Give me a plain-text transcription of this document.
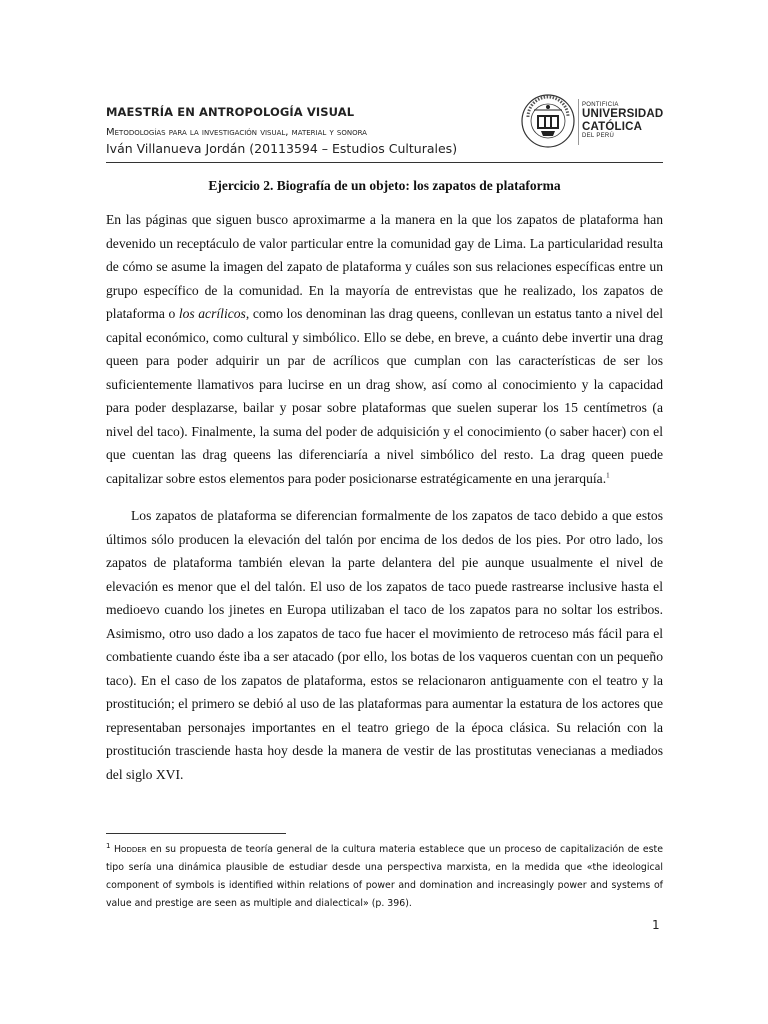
MAESTRÍA EN ANTROPOLOGÍA VISUAL
Metodologías para la investigación visual, material y sonora
Iván Villanueva Jordán (20113594 – Estudios Culturales)
PONTIFICIA
UNIVERSIDAD
CATÓLICA
DEL PERÚ
Ejercicio 2. Biografía de un objeto: los zapatos de plataforma

En las páginas que siguen busco aproximarme a la manera en la que los zapatos de plataforma han devenido un receptáculo de valor particular entre la comunidad gay de Lima. La particularidad resulta de cómo se asume la imagen del zapato de plataforma y cuáles son sus relaciones específicas entre un grupo específico de la comunidad. En la mayoría de entrevistas que he realizado, los zapatos de plataforma o los acrílicos, como los denominan las drag queens, conllevan un estatus tanto a nivel del capital económico, como cultural y simbólico. Ello se debe, en breve, a cuánto debe invertir una drag queen para poder adquirir un par de acrílicos que cumplan con las características de ser los suficientemente llamativos para lucirse en un drag show, así como al conocimiento y la capacidad para poder desplazarse, bailar y posar sobre plataformas que suelen superar los 15 centímetros (a nivel del taco). Finalmente, la suma del poder de adquisición y el conocimiento (o saber hacer) con el que cuentan las drag queens las diferenciaría a nivel simbólico del resto. La drag queen puede capitalizar sobre estos elementos para poder posicionarse estratégicamente en una jerarquía.$^1$

Los zapatos de plataforma se diferencian formalmente de los zapatos de taco debido a que estos últimos sólo producen la elevación del talón por encima de los dedos de los pies. Por otro lado, los zapatos de plataforma también elevan la parte delantera del pie aunque usualmente el nivel de elevación es menor que el del talón. El uso de los zapatos de taco puede rastrearse inclusive hasta el medioevo cuando los jinetes en Europa utilizaban el taco de los zapatos para no soltar los estribos. Asimismo, otro uso dado a los zapatos de taco fue hacer el movimiento de retroceso más fácil para el combatiente cuando éste iba a ser atacado (por ello, los botas de los vaqueros cuentan con un pequeño taco). En el caso de los zapatos de plataforma, estos se relacionaron antiguamente con el teatro y la prostitución; el primero se debió al uso de las plataformas para aumentar la estatura de los actores que representaban personajes importantes en el teatro griego de la época clásica. Su relación con la prostitución trasciende hasta hoy desde la manera de vestir de las prostitutas venecianas a mediados del siglo XVI.

$^1$ Hodder en su propuesta de teoría general de la cultura materia establece que un proceso de capitalización de este tipo sería una dinámica plausible de estudiar desde una perspectiva marxista, en la medida que «the ideological component of symbols is identified within relations of power and domination and increasingly power and systems of value and prestige are seen as multiple and dialectical» (p. 396).
1
